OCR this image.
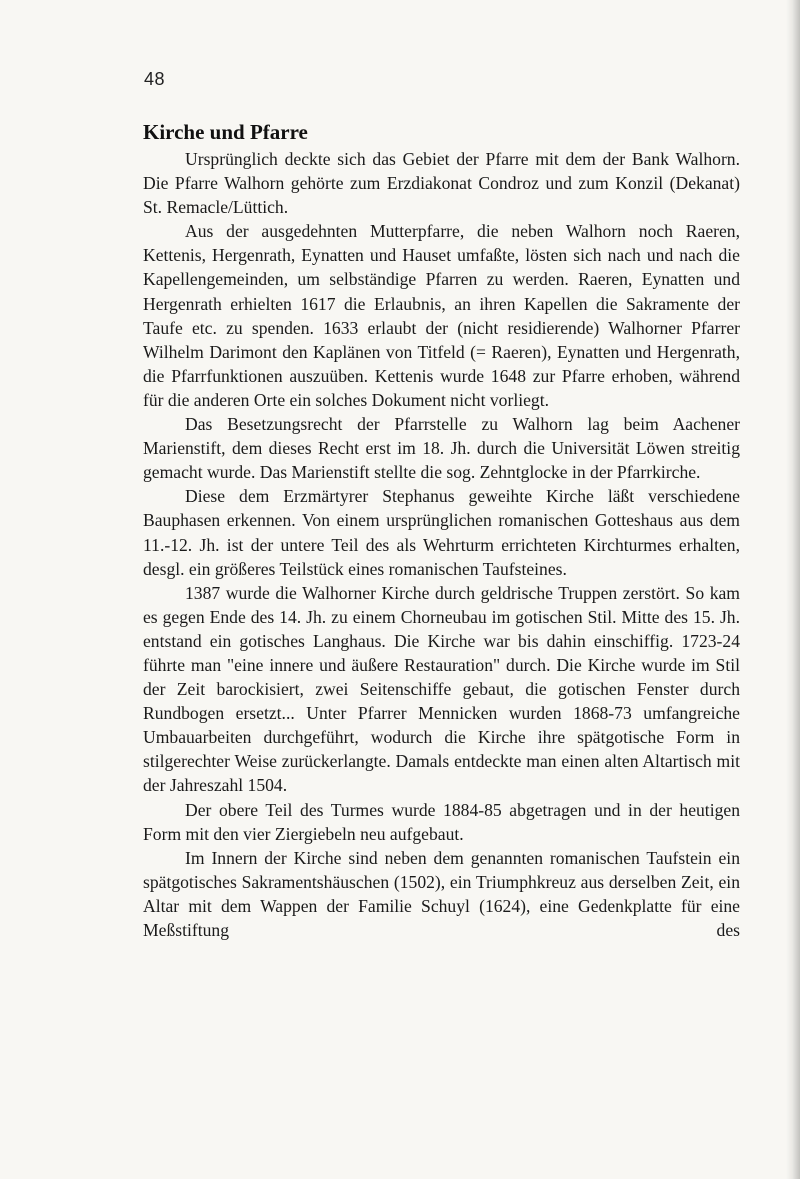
48
Kirche und Pfarre

Ursprünglich deckte sich das Gebiet der Pfarre mit dem der Bank Walhorn. Die Pfarre Walhorn gehörte zum Erzdiakonat Condroz und zum Konzil (Dekanat) St. Remacle/Lüttich.

Aus der ausgedehnten Mutterpfarre, die neben Walhorn noch Raeren, Kettenis, Hergenrath, Eynatten und Hauset umfaßte, lösten sich nach und nach die Kapellengemeinden, um selbständige Pfarren zu werden. Raeren, Eynatten und Hergenrath erhielten 1617 die Erlaubnis, an ihren Kapellen die Sakramente der Taufe etc. zu spenden. 1633 erlaubt der (nicht residierende) Walhorner Pfarrer Wilhelm Darimont den Kaplänen von Titfeld (= Raeren), Eynatten und Hergenrath, die Pfarrfunktionen auszuüben. Kettenis wurde 1648 zur Pfarre erhoben, während für die anderen Orte ein solches Dokument nicht vorliegt.

Das Besetzungsrecht der Pfarrstelle zu Walhorn lag beim Aachener Marienstift, dem dieses Recht erst im 18. Jh. durch die Universität Löwen streitig gemacht wurde. Das Marienstift stellte die sog. Zehntglocke in der Pfarrkirche.

Diese dem Erzmärtyrer Stephanus geweihte Kirche läßt verschiedene Bauphasen erkennen. Von einem ursprünglichen romanischen Gotteshaus aus dem 11.-12. Jh. ist der untere Teil des als Wehrturm errichteten Kirchturmes erhalten, desgl. ein größeres Teilstück eines romanischen Taufsteines.

1387 wurde die Walhorner Kirche durch geldrische Truppen zerstört. So kam es gegen Ende des 14. Jh. zu einem Chorneubau im gotischen Stil. Mitte des 15. Jh. entstand ein gotisches Langhaus. Die Kirche war bis dahin einschiffig. 1723-24 führte man "eine innere und äußere Restauration" durch. Die Kirche wurde im Stil der Zeit barockisiert, zwei Seitenschiffe gebaut, die gotischen Fenster durch Rundbogen ersetzt... Unter Pfarrer Mennicken wurden 1868-73 umfangreiche Umbauarbeiten durchgeführt, wodurch die Kirche ihre spätgotische Form in stilgerechter Weise zurückerlangte. Damals entdeckte man einen alten Altartisch mit der Jahreszahl 1504.

Der obere Teil des Turmes wurde 1884-85 abgetragen und in der heutigen Form mit den vier Ziergiebeln neu aufgebaut.

Im Innern der Kirche sind neben dem genannten romanischen Taufstein ein spätgotisches Sakramentshäuschen (1502), ein Triumphkreuz aus derselben Zeit, ein Altar mit dem Wappen der Familie Schuyl (1624), eine Gedenkplatte für eine Meßstiftung des
